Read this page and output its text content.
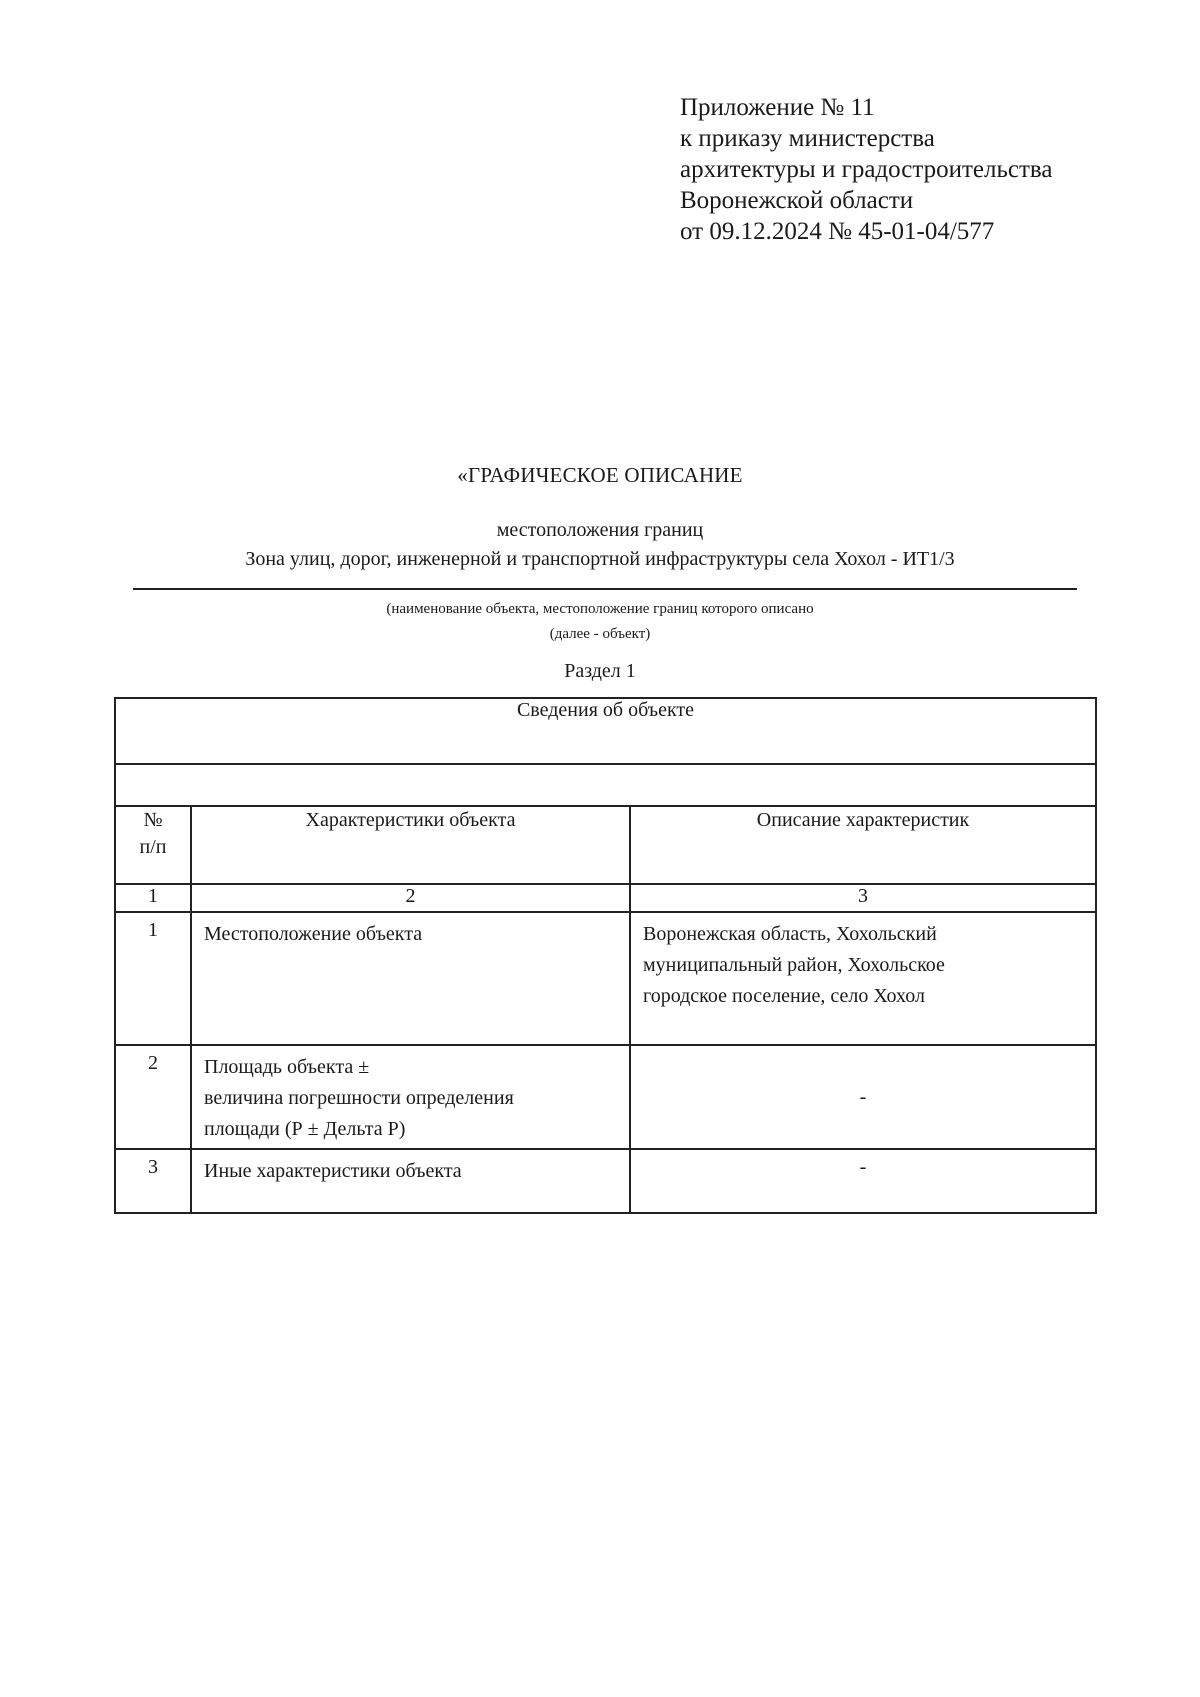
Приложение № 11
к приказу министерства
архитектуры и градостроительства
Воронежской области
от 09.12.2024 № 45-01-04/577
«ГРАФИЧЕСКОЕ ОПИСАНИЕ
местоположения границ
Зона улиц, дорог, инженерной и транспортной инфраструктуры села Хохол - ИТ1/3
(наименование объекта, местоположение границ которого описано
(далее - объект)
Раздел 1
Сведения об объекте		

№
п/п	Характеристики объекта	Описание характеристик
1	2	3
1	Местоположение объекта	Воронежская область, Хохольский
муниципальный район, Хохольское
городское поселение, село Хохол

2	Площадь объекта ±
величина погрешности определения
площади (Р ± Дельта Р)	-
3	Иные характеристики объекта	-
